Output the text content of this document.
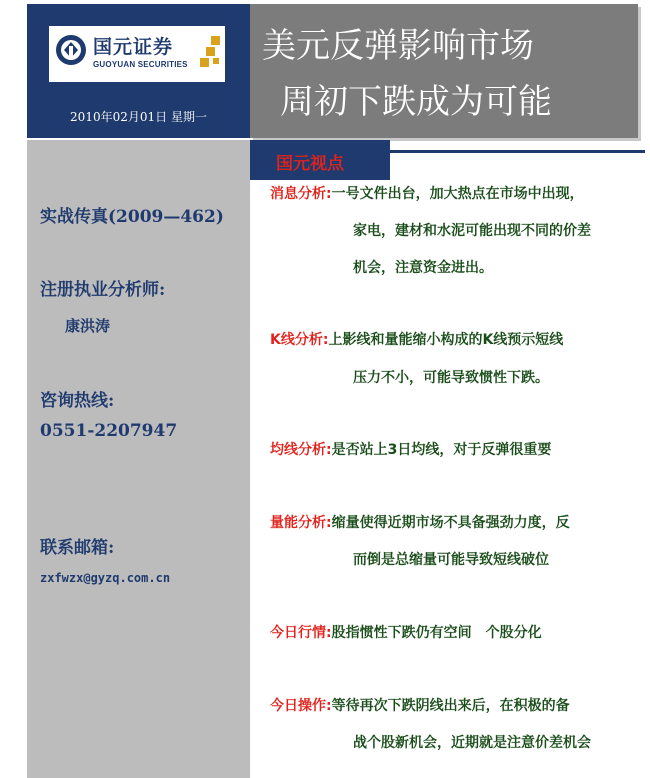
国元证券
GUOYUAN SECURITIES
2010年02月01日 星期一
美元反弹影响市场
周初下跌成为可能
实战传真(2009—462)
注册执业分析师:
康洪涛
咨询热线:
0551-2207947
联系邮箱:
zxfwzx@gyzq.com.cn
国元视点
消息分析:一号文件出台，加大热点在市场中出现，
家电，建材和水泥可能出现不同的价差
机会，注意资金进出。
K线分析:上影线和量能缩小构成的K线预示短线
压力不小，可能导致惯性下跌。
均线分析:是否站上3日均线，对于反弹很重要
量能分析:缩量使得近期市场不具备强劲力度，反
而倒是总缩量可能导致短线破位
今日行情:股指惯性下跌仍有空间　个股分化
今日操作:等待再次下跌阴线出来后，在积极的备
战个股新机会，近期就是注意价差机会
